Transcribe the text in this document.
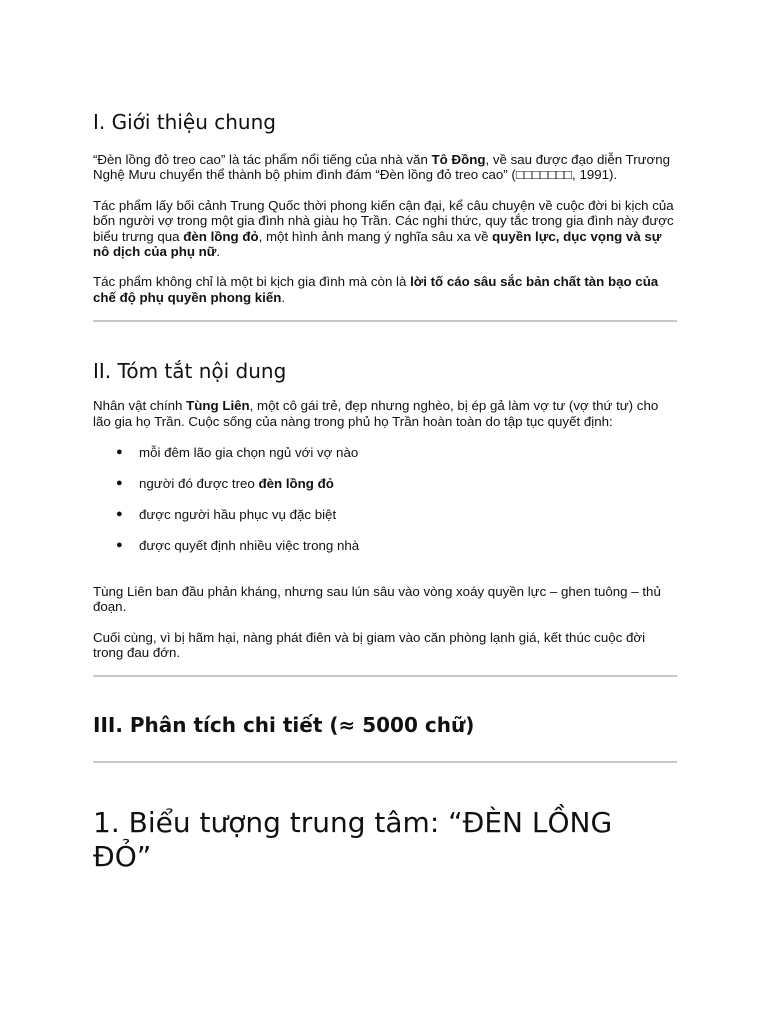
I. Giới thiệu chung

“Đèn lồng đỏ treo cao” là tác phẩm nổi tiếng của nhà văn Tô Đồng, về sau được đạo diễn Trương Nghệ Mưu chuyển thể thành bộ phim đình đám “Đèn lồng đỏ treo cao” (□□□□□□□, 1991).

Tác phẩm lấy bối cảnh Trung Quốc thời phong kiến cận đại, kể câu chuyện về cuộc đời bi kịch của bốn người vợ trong một gia đình nhà giàu họ Trần. Các nghi thức, quy tắc trong gia đình này được biểu trưng qua đèn lồng đỏ, một hình ảnh mang ý nghĩa sâu xa về quyền lực, dục vọng và sự nô dịch của phụ nữ.

Tác phẩm không chỉ là một bi kịch gia đình mà còn là lời tố cáo sâu sắc bản chất tàn bạo của chế độ phụ quyền phong kiến.

II. Tóm tắt nội dung

Nhân vật chính Tùng Liên, một cô gái trẻ, đẹp nhưng nghèo, bị ép gả làm vợ tư (vợ thứ tư) cho lão gia họ Trần. Cuộc sống của nàng trong phủ họ Trần hoàn toàn do tập tục quyết định:

● mỗi đêm lão gia chọn ngủ với vợ nào
● người đó được treo đèn lồng đỏ
● được người hầu phục vụ đặc biệt
● được quyết định nhiều việc trong nhà

Tùng Liên ban đầu phản kháng, nhưng sau lún sâu vào vòng xoáy quyền lực – ghen tuông – thủ đoạn.

Cuối cùng, vì bị hãm hại, nàng phát điên và bị giam vào căn phòng lạnh giá, kết thúc cuộc đời trong đau đớn.

III. Phân tích chi tiết (≈ 5000 chữ)
1. Biểu tượng trung tâm: “ĐÈN LỒNG ĐỎ”
